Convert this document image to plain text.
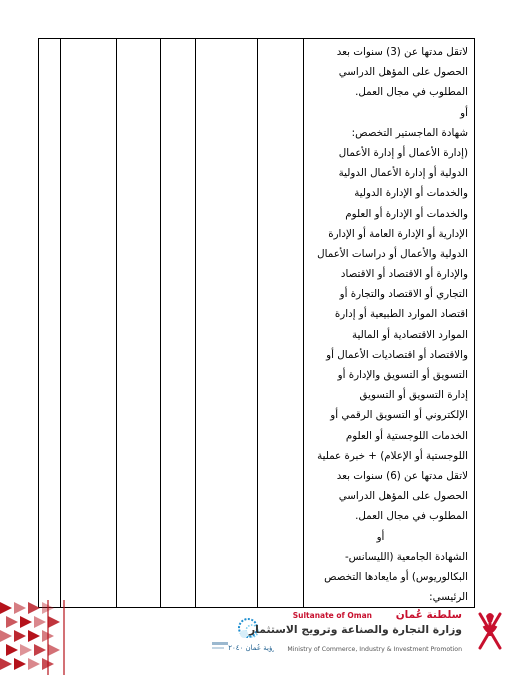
لاتقل مدتها عن (3) سنوات بعد
الحصول على المؤهل الدراسي
المطلوب في مجال العمل.
أو
شهادة الماجستير التخصص:
(إدارة الأعمال أو إدارة الأعمال
الدولية أو إدارة الأعمال الدولية
والخدمات أو الإدارة الدولية
والخدمات أو الإدارة أو العلوم
الإدارية أو الإدارة العامة أو الإدارة
الدولية والأعمال أو دراسات الأعمال
والإدارة أو الاقتصاد أو الاقتصاد
التجاري أو الاقتصاد والتجارة أو
اقتصاد الموارد الطبيعية أو إدارة
الموارد الاقتصادية أو المالية
والاقتصاد أو اقتصاديات الأعمال أو
التسويق أو التسويق والإدارة أو
إدارة التسويق أو التسويق
الإلكتروني أو التسويق الرقمي أو
الخدمات اللوجستية أو العلوم
اللوجستية أو الإعلام) + خبرة عملية
لاتقل مدتها عن (6) سنوات بعد
الحصول على المؤهل الدراسي
المطلوب في مجال العمل.
أو
الشهادة الجامعية (الليسانس-
البكالوريوس) أو مايعادها التخصص
الرئيسي:
رؤية عُمان ٢٠٤٠
Sultanate of Oman سلطنة عُمان
وزارة التجارة والصناعة وترويج الاستثمار
Ministry of Commerce, Industry & Investment Promotion
